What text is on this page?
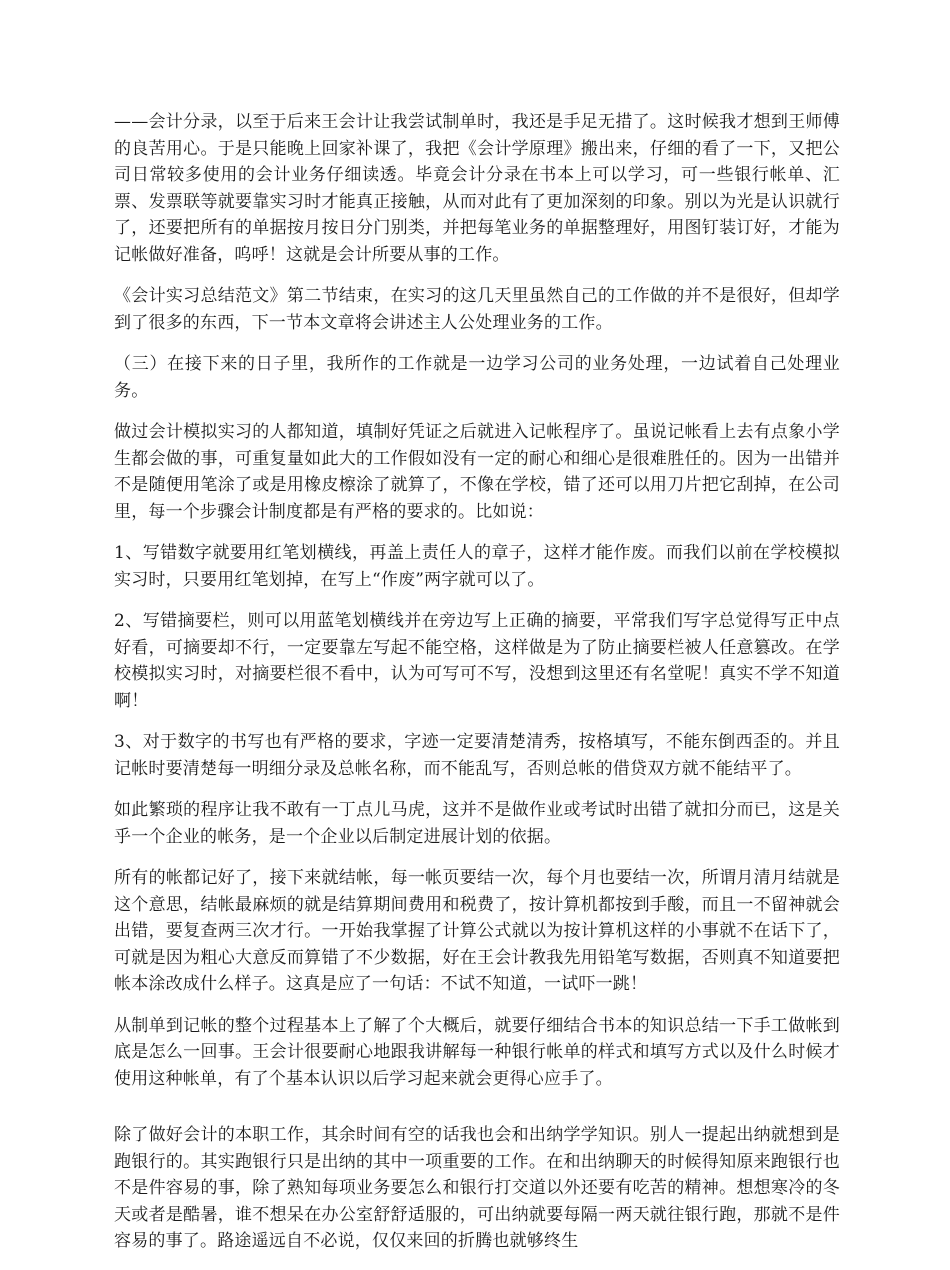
——会计分录，以至于后来王会计让我尝试制单时，我还是手足无措了。这时候我才想到王师傅的良苦用心。于是只能晚上回家补课了，我把《会计学原理》搬出来，仔细的看了一下，又把公司日常较多使用的会计业务仔细读透。毕竟会计分录在书本上可以学习，可一些银行帐单、汇票、发票联等就要靠实习时才能真正接触，从而对此有了更加深刻的印象。别以为光是认识就行了，还要把所有的单据按月按日分门别类，并把每笔业务的单据整理好，用图钉装订好，才能为记帐做好准备，呜呼！这就是会计所要从事的工作。

《会计实习总结范文》第二节结束，在实习的这几天里虽然自己的工作做的并不是很好，但却学到了很多的东西，下一节本文章将会讲述主人公处理业务的工作。

（三）在接下来的日子里，我所作的工作就是一边学习公司的业务处理，一边试着自己处理业务。

做过会计模拟实习的人都知道，填制好凭证之后就进入记帐程序了。虽说记帐看上去有点象小学生都会做的事，可重复量如此大的工作假如没有一定的耐心和细心是很难胜任的。因为一出错并不是随便用笔涂了或是用橡皮檫涂了就算了，不像在学校，错了还可以用刀片把它刮掉，在公司里，每一个步骤会计制度都是有严格的要求的。比如说：

1、写错数字就要用红笔划横线，再盖上责任人的章子，这样才能作废。而我们以前在学校模拟实习时，只要用红笔划掉，在写上“作废”两字就可以了。

2、写错摘要栏，则可以用蓝笔划横线并在旁边写上正确的摘要，平常我们写字总觉得写正中点好看，可摘要却不行，一定要靠左写起不能空格，这样做是为了防止摘要栏被人任意篡改。在学校模拟实习时，对摘要栏很不看中，认为可写可不写，没想到这里还有名堂呢！真实不学不知道啊！

3、对于数字的书写也有严格的要求，字迹一定要清楚清秀，按格填写，不能东倒西歪的。并且记帐时要清楚每一明细分录及总帐名称，而不能乱写，否则总帐的借贷双方就不能结平了。

如此繁琐的程序让我不敢有一丁点儿马虎，这并不是做作业或考试时出错了就扣分而已，这是关乎一个企业的帐务，是一个企业以后制定进展计划的依据。

所有的帐都记好了，接下来就结帐，每一帐页要结一次，每个月也要结一次，所谓月清月结就是这个意思，结帐最麻烦的就是结算期间费用和税费了，按计算机都按到手酸，而且一不留神就会出错，要复查两三次才行。一开始我掌握了计算公式就以为按计算机这样的小事就不在话下了，可就是因为粗心大意反而算错了不少数据，好在王会计教我先用铅笔写数据，否则真不知道要把帐本涂改成什么样子。这真是应了一句话：不试不知道，一试吓一跳！

从制单到记帐的整个过程基本上了解了个大概后，就要仔细结合书本的知识总结一下手工做帐到底是怎么一回事。王会计很要耐心地跟我讲解每一种银行帐单的样式和填写方式以及什么时候才使用这种帐单，有了个基本认识以后学习起来就会更得心应手了。

除了做好会计的本职工作，其余时间有空的话我也会和出纳学学知识。别人一提起出纳就想到是跑银行的。其实跑银行只是出纳的其中一项重要的工作。在和出纳聊天的时候得知原来跑银行也不是件容易的事，除了熟知每项业务要怎么和银行打交道以外还要有吃苦的精神。想想寒冷的冬天或者是酷暑，谁不想呆在办公室舒舒适服的，可出纳就要每隔一两天就往银行跑，那就不是件容易的事了。路途遥远自不必说，仅仅来回的折腾也就够终生
